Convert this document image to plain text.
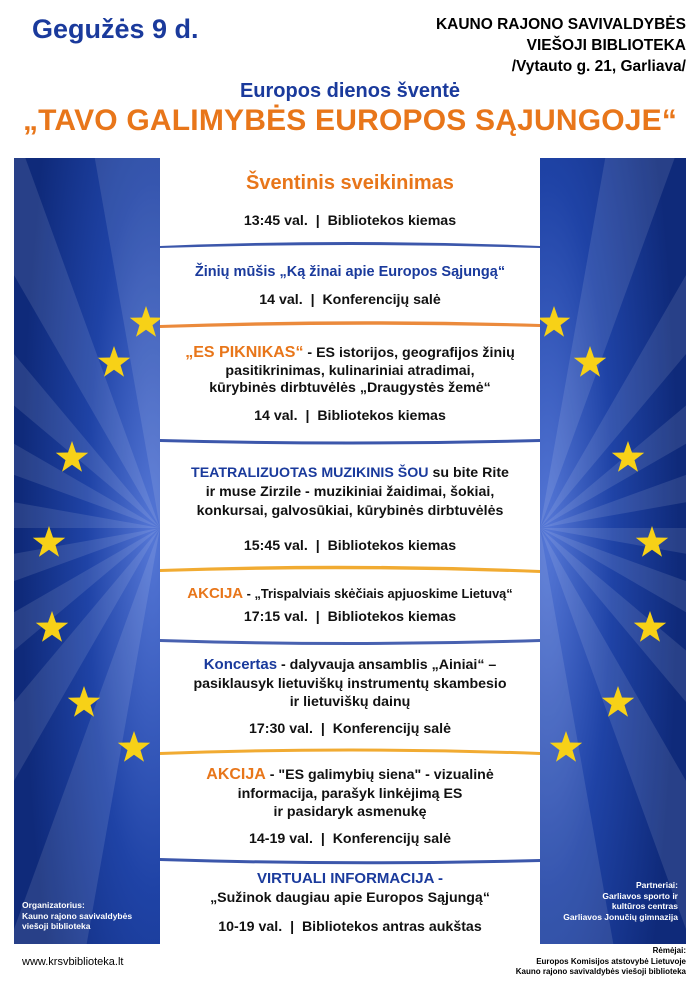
Gegužės 9 d.	KAUNO RAJONO SAVIVALDYBĖS
VIEŠOJI BIBLIOTEKA
/Vytauto g. 21, Garliava/
Europos dienos šventė
„TAVO GALIMYBĖS EUROPOS SĄJUNGOJE“
Šventinis sveikinimas
13:45 val. | Bibliotekos kiemas
Žinių mūšis „Ką žinai apie Europos Sąjungą“
14 val. | Konferencijų salė
„ES PIKNIKAS“ - ES istorijos, geografijos žinių
pasitikrinimas, kulinariniai atradimai,
kūrybinės dirbtuvėlės „Draugystės žemė“
14 val. | Bibliotekos kiemas
TEATRALIZUOTAS MUZIKINIS ŠOU su bite Rite
ir muse Zirzile - muzikiniai žaidimai, šokiai,
konkursai, galvosūkiai, kūrybinės dirbtuvėlės
15:45 val. | Bibliotekos kiemas
AKCIJA - „Trispalviais skėčiais apjuoskime Lietuvą“
17:15 val. | Bibliotekos kiemas
Koncertas - dalyvauja ansamblis „Ainiai“ –
pasiklausyk lietuviškų instrumentų skambesio
ir lietuviškų dainų
17:30 val. | Konferencijų salė
AKCIJA - "ES galimybių siena" - vizualinė
informacija, parašyk linkėjimą ES
ir pasidaryk asmenukę
14-19 val. | Konferencijų salė
VIRTUALI INFORMACIJA -
„Sužinok daugiau apie Europos Sąjungą“
10-19 val. | Bibliotekos antras aukštas
Organizatorius:
Kauno rajono savivaldybės
viešoji biblioteka
Partneriai:
Garliavos sporto ir
kultūros centras
Garliavos Jonučių gimnazija
www.krsvbiblioteka.lt
Rėmėjai:
Europos Komisijos atstovybė Lietuvoje
Kauno rajono savivaldybės viešoji biblioteka
